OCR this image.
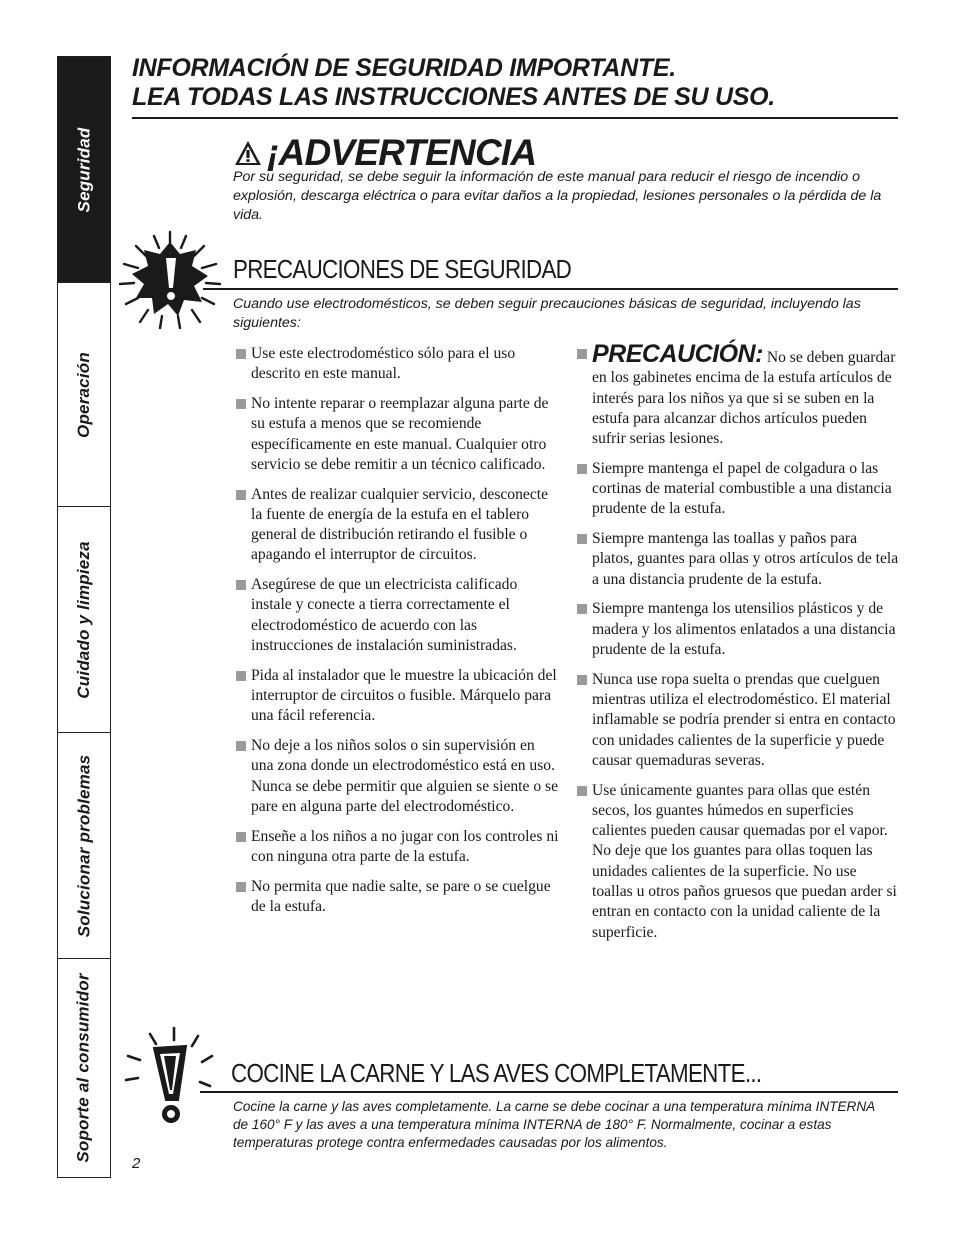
Seguridad
Operación
Cuidado y limpieza
Solucionar problemas
Soporte al consumidor
INFORMACIÓN DE SEGURIDAD IMPORTANTE.
LEA TODAS LAS INSTRUCCIONES ANTES DE SU USO.
¡ADVERTENCIA
Por su seguridad, se debe seguir la información de este manual para reducir el riesgo de incendio o explosión, descarga eléctrica o para evitar daños a la propiedad, lesiones personales o la pérdida de la vida.
PRECAUCIONES DE SEGURIDAD
Cuando use electrodomésticos, se deben seguir precauciones básicas de seguridad, incluyendo las siguientes:
Use este electrodoméstico sólo para el uso descrito en este manual.
No intente reparar o reemplazar alguna parte de su estufa a menos que se recomiende específicamente en este manual. Cualquier otro servicio se debe remitir a un técnico calificado.
Antes de realizar cualquier servicio, desconecte la fuente de energía de la estufa en el tablero general de distribución retirando el fusible o apagando el interruptor de circuitos.
Asegúrese de que un electricista calificado instale y conecte a tierra correctamente el electrodoméstico de acuerdo con las instrucciones de instalación suministradas.
Pida al instalador que le muestre la ubicación del interruptor de circuitos o fusible. Márquelo para una fácil referencia.
No deje a los niños solos o sin supervisión en una zona donde un electrodoméstico está en uso. Nunca se debe permitir que alguien se siente o se pare en alguna parte del electrodoméstico.
Enseñe a los niños a no jugar con los controles ni con ninguna otra parte de la estufa.
No permita que nadie salte, se pare o se cuelgue de la estufa.
PRECAUCIÓN: No se deben guardar en los gabinetes encima de la estufa artículos de interés para los niños ya que si se suben en la estufa para alcanzar dichos artículos pueden sufrir serias lesiones.
Siempre mantenga el papel de colgadura o las cortinas de material combustible a una distancia prudente de la estufa.
Siempre mantenga las toallas y paños para platos, guantes para ollas y otros artículos de tela a una distancia prudente de la estufa.
Siempre mantenga los utensilios plásticos y de madera y los alimentos enlatados a una distancia prudente de la estufa.
Nunca use ropa suelta o prendas que cuelguen mientras utiliza el electrodoméstico. El material inflamable se podría prender si entra en contacto con unidades calientes de la superficie y puede causar quemaduras severas.
Use únicamente guantes para ollas que estén secos, los guantes húmedos en superficies calientes pueden causar quemadas por el vapor. No deje que los guantes para ollas toquen las unidades calientes de la superficie. No use toallas u otros paños gruesos que puedan arder si entran en contacto con la unidad caliente de la superficie.
COCINE LA CARNE Y LAS AVES COMPLETAMENTE...
Cocine la carne y las aves completamente. La carne se debe cocinar a una temperatura mínima INTERNA de 160° F y las aves a una temperatura mínima INTERNA de 180° F. Normalmente, cocinar a estas temperaturas protege contra enfermedades causadas por los alimentos.
2
